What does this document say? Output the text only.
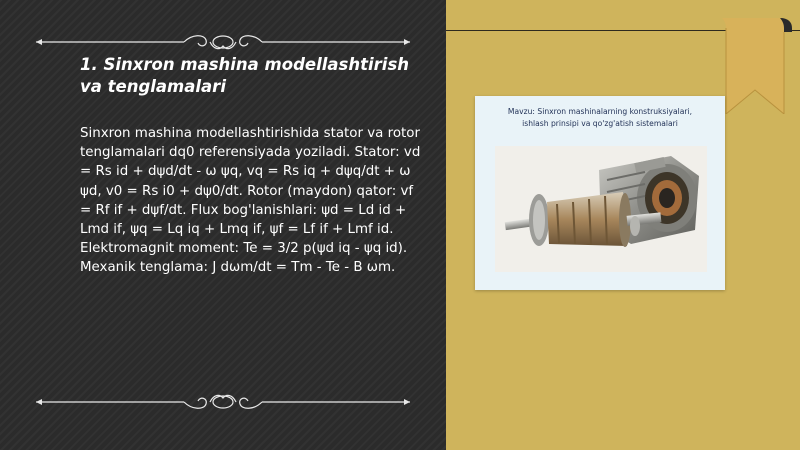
1. Sinxron mashina modellashtirish va tenglamalari
Sinxron mashina modellashtirishida stator va rotor tenglamalari dq0 referensiyada yoziladi. Stator: vd = Rs id + dψd/dt - ω ψq, vq = Rs iq + dψq/dt + ω ψd, v0 = Rs i0 + dψ0/dt. Rotor (maydon) qator: vf = Rf if + dψf/dt. Flux bog'lanishlari: ψd = Ld id + Lmd if, ψq = Lq iq + Lmq if, ψf = Lf if + Lmf id. Elektromagnit moment: Te = 3/2 p(ψd iq - ψq id). Mexanik tenglama: J dωm/dt = Tm - Te - B ωm.
Mavzu: Sinxron mashinalarning konstruksiyalari,
ishlash prinsipi va qo'zg'atish sistemalari
